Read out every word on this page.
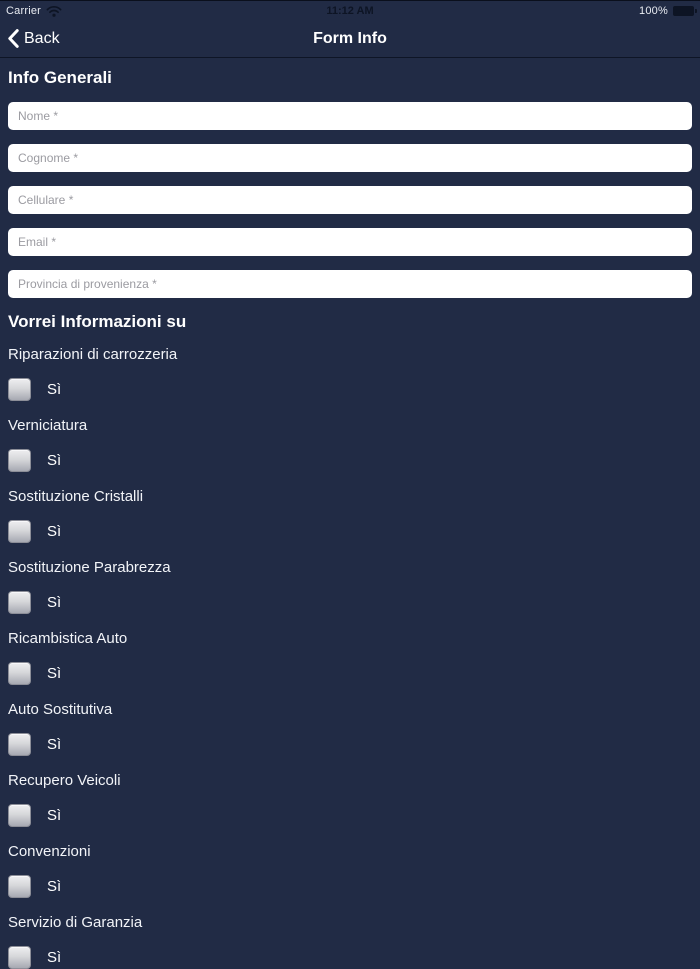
Carrier	11:12 AM	100%
Back	Form Info
Info Generali
Nome *
Cognome *
Cellulare *
Email *
Provincia di provenienza *
Vorrei Informazioni su
Riparazioni di carrozzeria
Sì
Verniciatura
Sì
Sostituzione Cristalli
Sì
Sostituzione Parabrezza
Sì
Ricambistica Auto
Sì
Auto Sostitutiva
Sì
Recupero Veicoli
Sì
Convenzioni
Sì
Servizio di Garanzia
Sì
